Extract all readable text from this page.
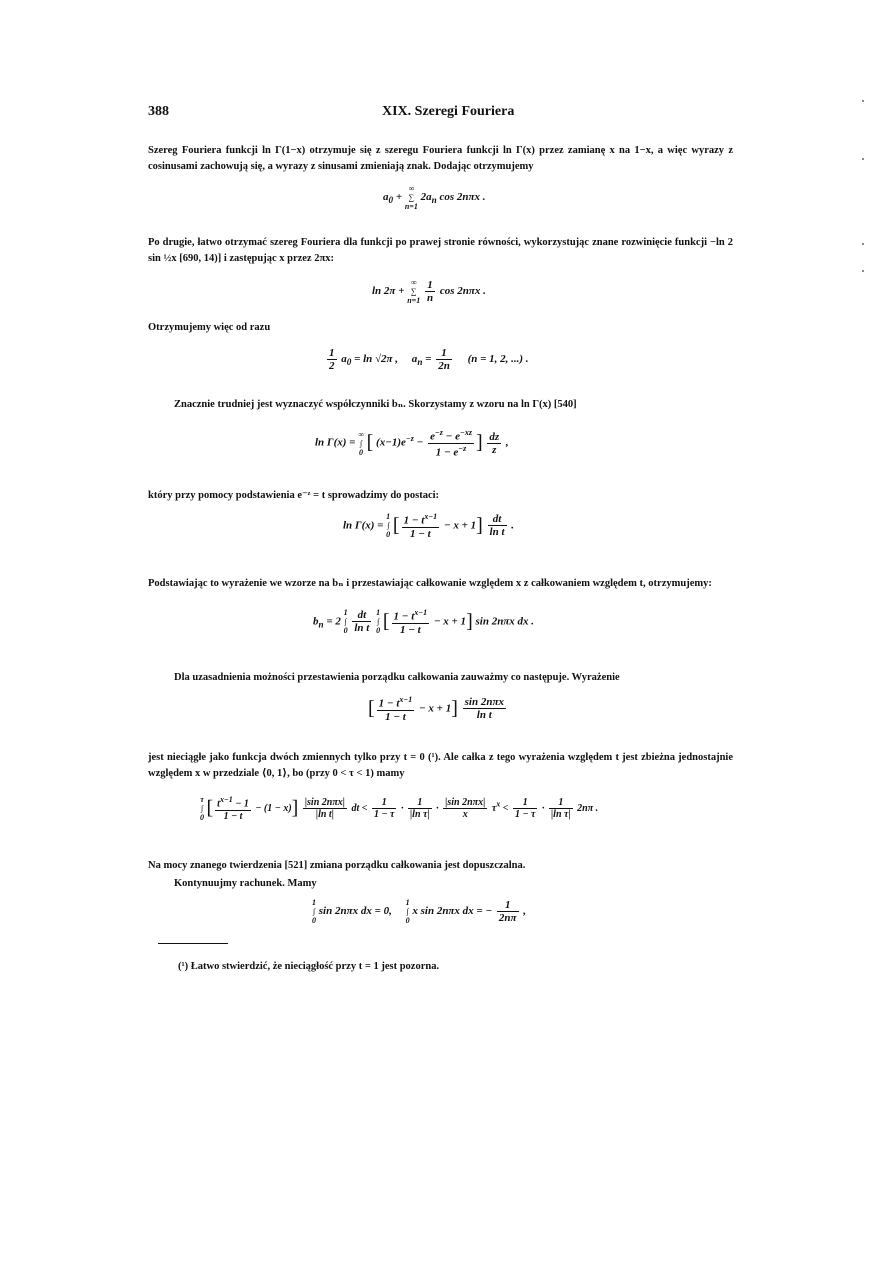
388	XIX. Szeregi Fouriera
Szereg Fouriera funkcji ln Γ(1−x) otrzymuje się z szeregu Fouriera funkcji ln Γ(x) przez zamianę x na 1−x, a więc wyrazy z cosinusami zachowują się, a wyrazy z sinusami zmieniają znak. Dodając otrzymujemy
$a_0$ +
∞
∑
n=1
$2a_n$ cos 2nπx .
Po drugie, łatwo otrzymać szereg Fouriera dla funkcji po prawej stronie równości, wykorzystując znane rozwinięcie funkcji −ln 2 sin ½x [690, 14)] i zastępując x przez 2πx:
ln 2π +
∞
∑
n=1
$\frac{1}{n}$ cos 2nπx .
Otrzymujemy więc od razu
$\frac{1}{2} a_0 = \ln √2\pi$ ,     $a_n = \frac{1}{2n} (n = 1$, 2, ...) .
Znacznie trudniej jest wyznaczyć współczynniki bₙ. Skorzystamy z wzoru na ln Γ(x) [540]
ln Γ(x) =
∞
∫
0 [ $(x-1)e^{-z} - \frac{e^{-z} - e^{-xz}}{1 - e^{-z}}$ ] $\frac{dz}{z}$ ,
który przy pomocy podstawienia e⁻ᶻ = t sprowadzimy do postaci:
ln Γ(x) =
1
∫
0 [ $\frac{1 - t^{x-1}}{1 - t} - x + 1] \frac{dt}{\text{ln t}}$ .
Podstawiając to wyrażenie we wzorze na bₙ i przestawiając całkowanie względem x z całkowaniem względem t, otrzymujemy:
$b_n = 2$
1
∫
0
$\frac{dt}{\text{ln t}}$
1
∫
0 [ $\frac{1 - t^{x-1}}{1 - t} - x + 1$] sin 2nπx dx .
Dla uzasadnienia możności przestawienia porządku całkowania zauważmy co następuje. Wyrażenie
[ $\frac{1 - t^{x-1}}{1 - t} - x + 1] \frac{\text{sin 2nπx}}{\text{ln t}}$
jest nieciągłe jako funkcja dwóch zmiennych tylko przy t = 0 (¹). Ale całka z tego wyrażenia względem t jest zbieżna jednostajnie względem x w przedziale ⟨0, 1⟩, bo (przy 0 < τ < 1) mamy
τ
∫
0 [ $\frac{t^{x-1} - 1}{1 - t} - (1 - x)] \frac{\text{|sin 2nπx|}}{\text{|ln t|}}$ dt < $\frac{1}{1 - \tau} \cdot \frac{1}{\text{|ln τ|}} \cdot \frac{\text{|sin 2nπx|}}{x} \tau^x < \frac{1}{1 - \tau} \cdot \frac{1}{\text{|ln τ|}} 2n\pi$ .
Na mocy znanego twierdzenia [521] zmiana porządku całkowania jest dopuszczalna.
Kontynuujmy rachunek. Mamy
1
∫
0
sin 2nπx dx = 0,
1
∫
0
x sin 2nπx dx = − $\frac{1}{2n\pi}$ ,
(¹) Łatwo stwierdzić, że nieciągłość przy t = 1 jest pozorna.
